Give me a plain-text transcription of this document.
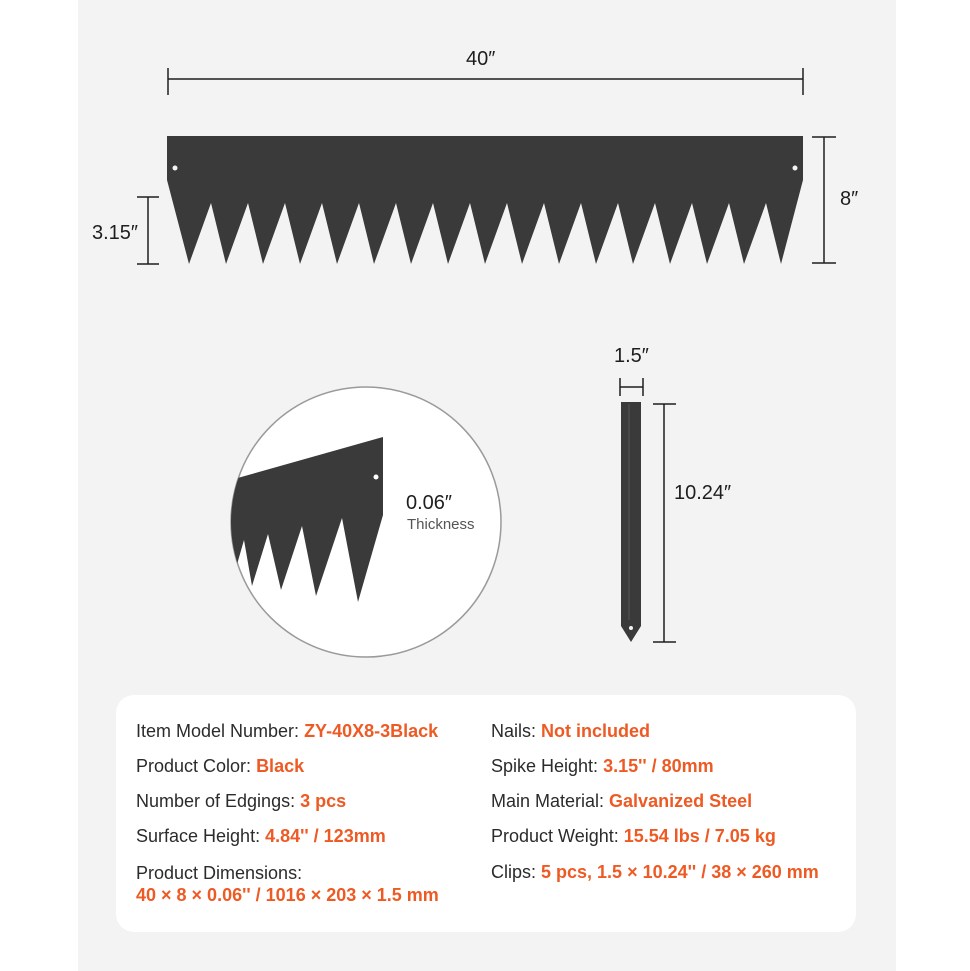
40″
8″
3.15″
0.06″
Thickness
1.5″
10.24″
Item Model Number: ZY-40X8-3Black
Product Color: Black
Number of Edgings: 3 pcs
Surface Height: 4.84'' / 123mm
Product Dimensions:
40 × 8 × 0.06'' / 1016 × 203 × 1.5 mm
Nails: Not included
Spike Height: 3.15'' / 80mm
Main Material: Galvanized Steel
Product Weight: 15.54 lbs / 7.05 kg
Clips: 5 pcs, 1.5 × 10.24'' / 38 × 260 mm
